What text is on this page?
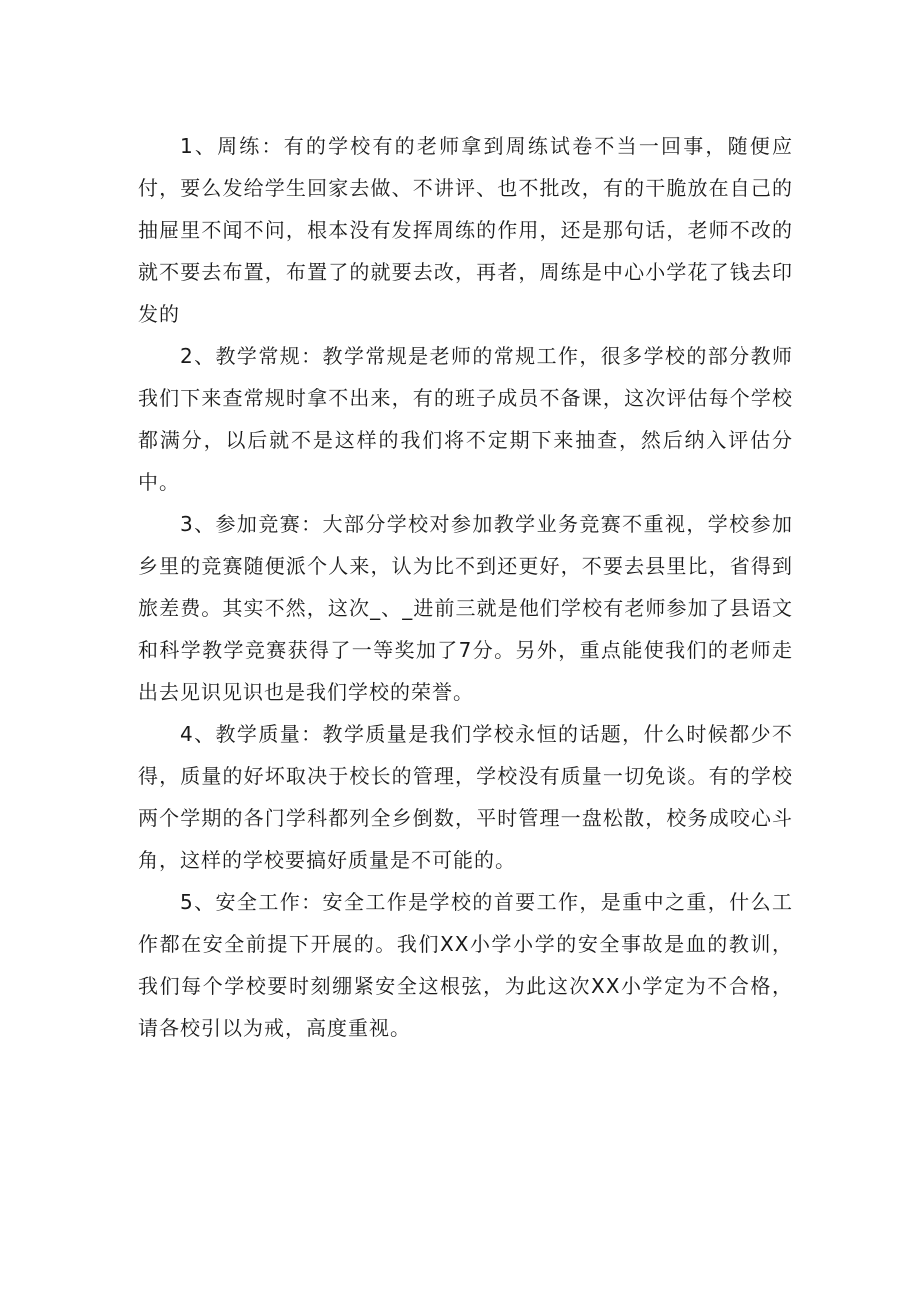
1、周练：有的学校有的老师拿到周练试卷不当一回事，随便应付，要么发给学生回家去做、不讲评、也不批改，有的干脆放在自己的抽屉里不闻不问，根本没有发挥周练的作用，还是那句话，老师不改的就不要去布置，布置了的就要去改，再者，周练是中心小学花了钱去印发的

2、教学常规：教学常规是老师的常规工作，很多学校的部分教师我们下来查常规时拿不出来，有的班子成员不备课，这次评估每个学校都满分，以后就不是这样的我们将不定期下来抽查，然后纳入评估分中。

3、参加竞赛：大部分学校对参加教学业务竞赛不重视，学校参加乡里的竞赛随便派个人来，认为比不到还更好，不要去县里比，省得到旅差费。其实不然，这次_、_进前三就是他们学校有老师参加了县语文和科学教学竞赛获得了一等奖加了7分。另外，重点能使我们的老师走出去见识见识也是我们学校的荣誉。

4、教学质量：教学质量是我们学校永恒的话题，什么时候都少不得，质量的好坏取决于校长的管理，学校没有质量一切免谈。有的学校两个学期的各门学科都列全乡倒数，平时管理一盘松散，校务成咬心斗角，这样的学校要搞好质量是不可能的。

5、安全工作：安全工作是学校的首要工作，是重中之重，什么工作都在安全前提下开展的。我们XX小学小学的安全事故是血的教训，我们每个学校要时刻绷紧安全这根弦，为此这次XX小学定为不合格，请各校引以为戒，高度重视。
